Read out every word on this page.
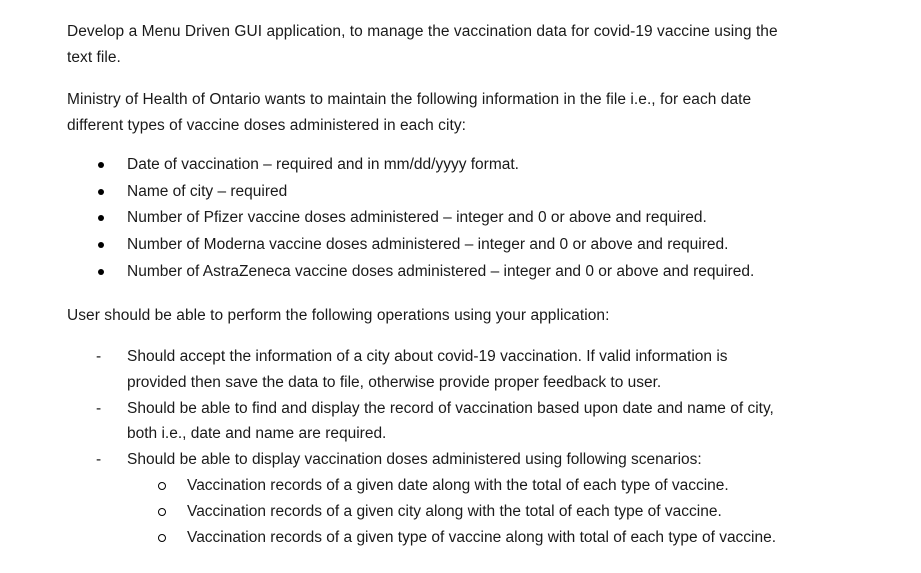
Develop a Menu Driven GUI application, to manage the vaccination data for covid-19 vaccine using the
text file.

Ministry of Health of Ontario wants to maintain the following information in the file i.e., for each date
different types of vaccine doses administered in each city:

Date of vaccination – required and in mm/dd/yyyy format.
Name of city – required
Number of Pfizer vaccine doses administered – integer and 0 or above and required.
Number of Moderna vaccine doses administered – integer and 0 or above and required.
Number of AstraZeneca vaccine doses administered – integer and 0 or above and required.

User should be able to perform the following operations using your application:

- Should accept the information of a city about covid-19 vaccination. If valid information is
provided then save the data to file, otherwise provide proper feedback to user.
- Should be able to find and display the record of vaccination based upon date and name of city,
both i.e., date and name are required.
- Should be able to display vaccination doses administered using following scenarios:
Vaccination records of a given date along with the total of each type of vaccine.
Vaccination records of a given city along with the total of each type of vaccine.
Vaccination records of a given type of vaccine along with total of each type of vaccine.
